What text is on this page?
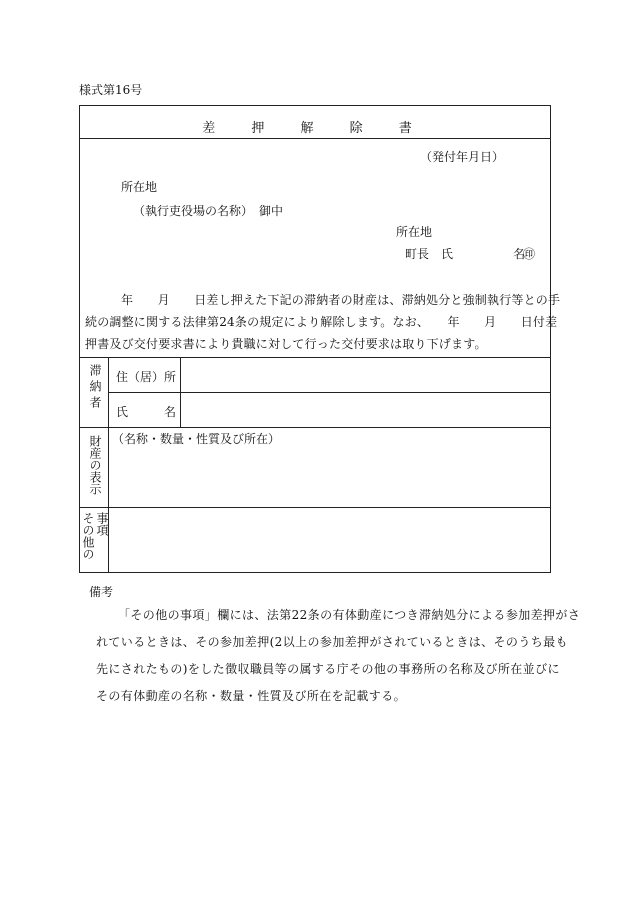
様式第16号
差 押 解 除 書
（発付年月日）
所在地
（執行吏役場の名称）　御中
所在地
町長　氏　　　　　名
㊞
年　　月　　日差し押えた下記の滞納者の財産は、滞納処分と強制執行等との手
続の調整に関する法律第24条の規定により解除します。なお、　　年　　月　　日付差
押書及び交付要求書により貴職に対して行った交付要求は取り下げます。
滞納者 住（居）所
氏　　　名
財産の表示 （名称・数量・性質及び所在）
事項
その他の
備考
「その他の事項」欄には、法第22条の有体動産につき滞納処分による参加差押がさ
れているときは、その参加差押(2以上の参加差押がされているときは、そのうち最も
先にされたもの)をした徴収職員等の属する庁その他の事務所の名称及び所在並びに
その有体動産の名称・数量・性質及び所在を記載する。
